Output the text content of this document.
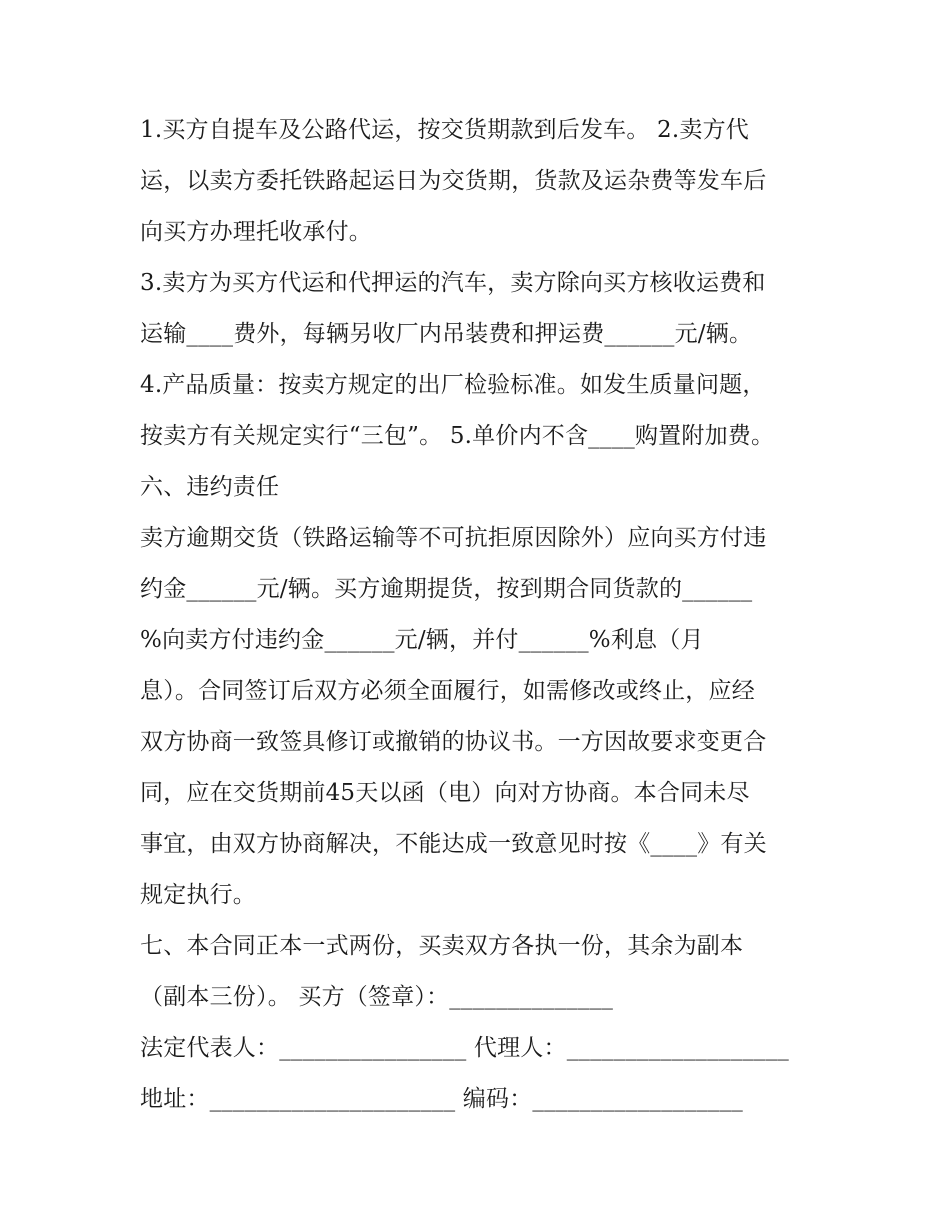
1.买方自提车及公路代运，按交货期款到后发车。 2.卖方代
运，以卖方委托铁路起运日为交货期，货款及运杂费等发车后
向买方办理托收承付。
3.卖方为买方代运和代押运的汽车，卖方除向买方核收运费和
运输____费外，每辆另收厂内吊装费和押运费______元/辆。
4.产品质量：按卖方规定的出厂检验标准。如发生质量问题，
按卖方有关规定实行“三包”。 5.单价内不含____购置附加费。
六、违约责任
卖方逾期交货（铁路运输等不可抗拒原因除外）应向买方付违
约金______元/辆。买方逾期提货，按到期合同货款的______
%向卖方付违约金______元/辆，并付______%利息（月
息）。合同签订后双方必须全面履行，如需修改或终止，应经
双方协商一致签具修订或撤销的协议书。一方因故要求变更合
同，应在交货期前45天以函（电）向对方协商。本合同未尽
事宜，由双方协商解决，不能达成一致意见时按《____》有关
规定执行。
七、本合同正本一式两份，买卖双方各执一份，其余为副本
（副本三份）。 买方（签章）：______________
法定代表人：________________ 代理人：___________________
地址：_____________________ 编码：__________________
